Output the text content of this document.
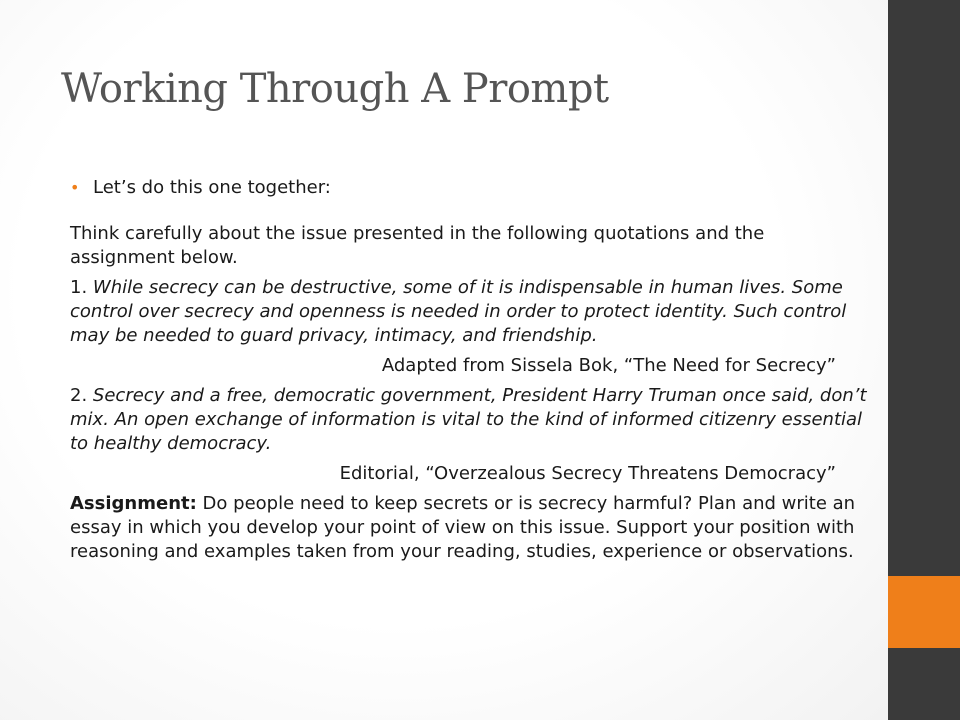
Working Through A Prompt
• Let’s do this one together:

Think carefully about the issue presented in the following quotations and the assignment below.

1. While secrecy can be destructive, some of it is indispensable in human lives. Some control over secrecy and openness is needed in order to protect identity. Such control may be needed to guard privacy, intimacy, and friendship.

Adapted from Sissela Bok, “The Need for Secrecy”

2. Secrecy and a free, democratic government, President Harry Truman once said, don’t mix. An open exchange of information is vital to the kind of informed citizenry essential to healthy democracy.

Editorial, “Overzealous Secrecy Threatens Democracy”

Assignment: Do people need to keep secrets or is secrecy harmful? Plan and write an essay in which you develop your point of view on this issue. Support your position with reasoning and examples taken from your reading, studies, experience or observations.
